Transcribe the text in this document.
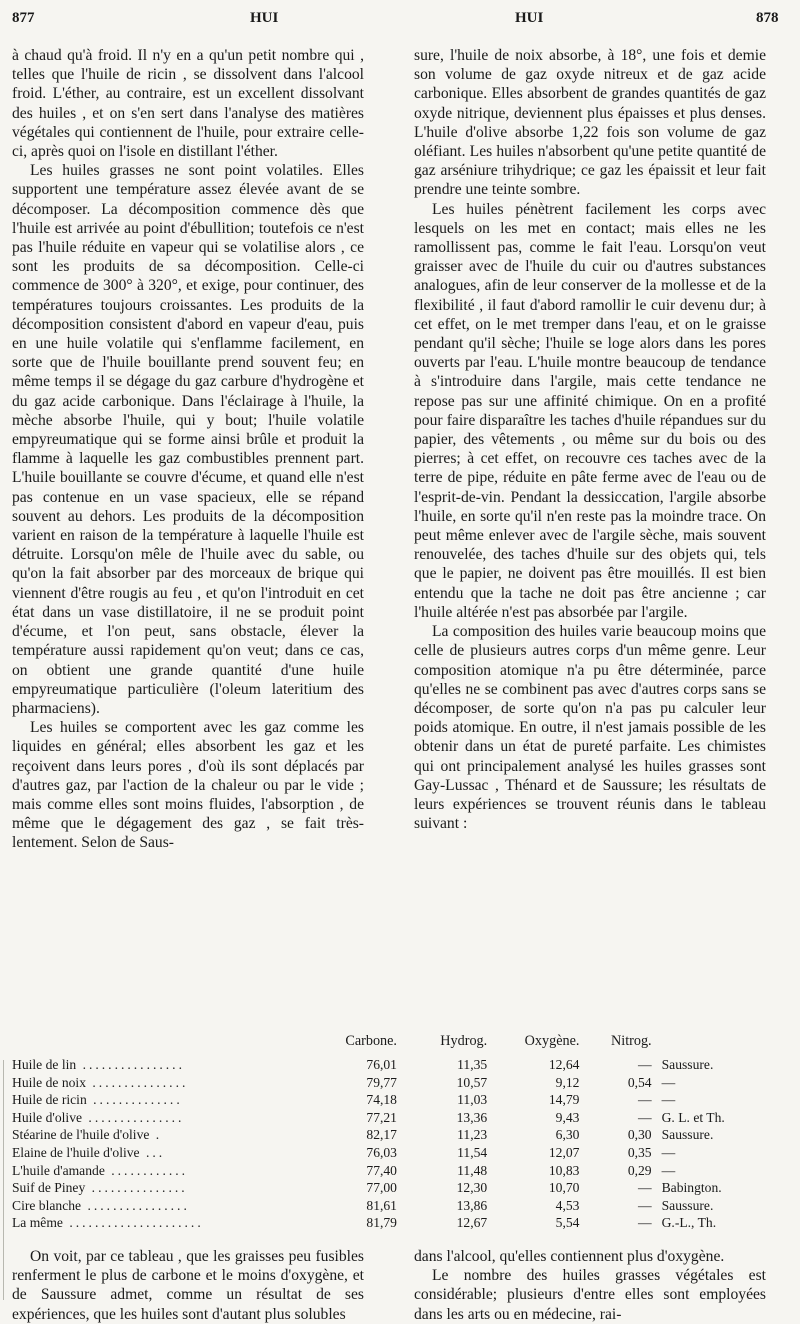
877	HUI	HUI	878

à chaud qu'à froid. Il n'y en a qu'un petit nombre qui , telles que l'huile de ricin , se dissolvent dans l'alcool froid. L'éther, au contraire, est un excellent dissolvant des huiles , et on s'en sert dans l'analyse des matières végétales qui contiennent de l'huile, pour extraire celle-ci, après quoi on l'isole en distillant l'éther.

Les huiles grasses ne sont point volatiles. Elles supportent une température assez élevée avant de se décomposer. La décomposition commence dès que l'huile est arrivée au point d'ébullition; toutefois ce n'est pas l'huile réduite en vapeur qui se volatilise alors , ce sont les produits de sa décomposition. Celle-ci commence de 300° à 320°, et exige, pour continuer, des températures toujours croissantes. Les produits de la décomposition consistent d'abord en vapeur d'eau, puis en une huile volatile qui s'enflamme facilement, en sorte que de l'huile bouillante prend souvent feu; en même temps il se dégage du gaz carbure d'hydrogène et du gaz acide carbonique. Dans l'éclairage à l'huile, la mèche absorbe l'huile, qui y bout; l'huile volatile empyreumatique qui se forme ainsi brûle et produit la flamme à laquelle les gaz combustibles prennent part. L'huile bouillante se couvre d'écume, et quand elle n'est pas contenue en un vase spacieux, elle se répand souvent au dehors. Les produits de la décomposition varient en raison de la température à laquelle l'huile est détruite. Lorsqu'on mêle de l'huile avec du sable, ou qu'on la fait absorber par des morceaux de brique qui viennent d'être rougis au feu , et qu'on l'introduit en cet état dans un vase distillatoire, il ne se produit point d'écume, et l'on peut, sans obstacle, élever la température aussi rapidement qu'on veut; dans ce cas, on obtient une grande quantité d'une huile empyreumatique particulière (l'oleum lateritium des pharmaciens).

Les huiles se comportent avec les gaz comme les liquides en général; elles absorbent les gaz et les reçoivent dans leurs pores , d'où ils sont déplacés par d'autres gaz, par l'action de la chaleur ou par le vide ; mais comme elles sont moins fluides, l'absorption , de même que le dégagement des gaz , se fait très-lentement. Selon de Saus-

sure, l'huile de noix absorbe, à 18°, une fois et demie son volume de gaz oxyde nitreux et de gaz acide carbonique. Elles absorbent de grandes quantités de gaz oxyde nitrique, deviennent plus épaisses et plus denses. L'huile d'olive absorbe 1,22 fois son volume de gaz oléfiant. Les huiles n'absorbent qu'une petite quantité de gaz arséniure trihydrique; ce gaz les épaissit et leur fait prendre une teinte sombre.

Les huiles pénètrent facilement les corps avec lesquels on les met en contact; mais elles ne les ramollissent pas, comme le fait l'eau. Lorsqu'on veut graisser avec de l'huile du cuir ou d'autres substances analogues, afin de leur conserver de la mollesse et de la flexibilité , il faut d'abord ramollir le cuir devenu dur; à cet effet, on le met tremper dans l'eau, et on le graisse pendant qu'il sèche; l'huile se loge alors dans les pores ouverts par l'eau. L'huile montre beaucoup de tendance à s'introduire dans l'argile, mais cette tendance ne repose pas sur une affinité chimique. On en a profité pour faire disparaître les taches d'huile répandues sur du papier, des vêtements , ou même sur du bois ou des pierres; à cet effet, on recouvre ces taches avec de la terre de pipe, réduite en pâte ferme avec de l'eau ou de l'esprit-de-vin. Pendant la dessiccation, l'argile absorbe l'huile, en sorte qu'il n'en reste pas la moindre trace. On peut même enlever avec de l'argile sèche, mais souvent renouvelée, des taches d'huile sur des objets qui, tels que le papier, ne doivent pas être mouillés. Il est bien entendu que la tache ne doit pas être ancienne ; car l'huile altérée n'est pas absorbée par l'argile.

La composition des huiles varie beaucoup moins que celle de plusieurs autres corps d'un même genre. Leur composition atomique n'a pu être déterminée, parce qu'elles ne se combinent pas avec d'autres corps sans se décomposer, de sorte qu'on n'a pas pu calculer leur poids atomique. En outre, il n'est jamais possible de les obtenir dans un état de pureté parfaite. Les chimistes qui ont principalement analysé les huiles grasses sont Gay-Lussac , Thénard et de Saussure; les résultats de leurs expériences se trouvent réunis dans le tableau suivant :

	Carbone.	Hydrog.	Oxygène.	Nitrog.	
Huile de lin ................	76,01	11,35	12,64	—	Saussure.
Huile de noix ...............	79,77	10,57	9,12	0,54	—
Huile de ricin ..............	74,18	11,03	14,79	—	—
Huile d'olive ...............	77,21	13,36	9,43	—	G. L. et Th.
Stéarine de l'huile d'olive .	82,17	11,23	6,30	0,30	Saussure.
Elaine de l'huile d'olive ...	76,03	11,54	12,07	0,35	—
L'huile d'amande ............	77,40	11,48	10,83	0,29	—
Suif de Piney ...............	77,00	12,30	10,70	—	Babington.
Cire blanche ................	81,61	13,86	4,53	—	Saussure.
La même .....................	81,79	12,67	5,54	—	G.-L., Th.

On voit, par ce tableau , que les graisses peu fusibles renferment le plus de carbone et le moins d'oxygène, et de Saussure admet, comme un résultat de ses expériences, que les huiles sont d'autant plus solubles

dans l'alcool, qu'elles contiennent plus d'oxygène.

Le nombre des huiles grasses végétales est considérable; plusieurs d'entre elles sont employées dans les arts ou en médecine, rai-
